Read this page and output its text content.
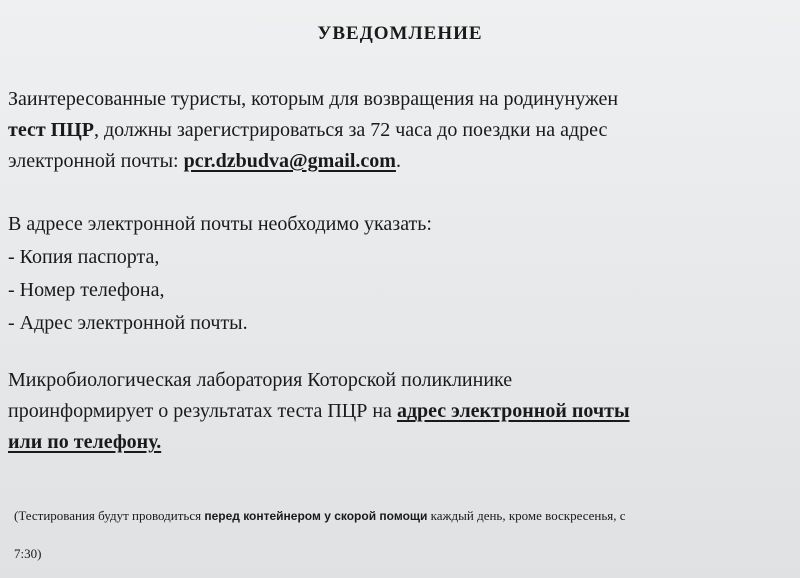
УВЕДОМЛЕНИЕ
Заинтересованные туристы, которым для возвращения на родинунужен
тест ПЦР, должны зарегистрироваться за 72 часа до поездки на адрес
электронной почты: pcr.dzbudva@gmail.com.
В адресе электронной почты необходимо указать:
- Копия паспорта,
- Номер телефона,
- Адрес электронной почты.
Микробиологическая лаборатория Которской поликлинике
проинформирует о результатах теста ПЦР на адрес электронной почты
или по телефону.
(Тестирования будут проводиться перед контейнером у скорой помощи каждый день, кроме воскресенья, с
7:30)
